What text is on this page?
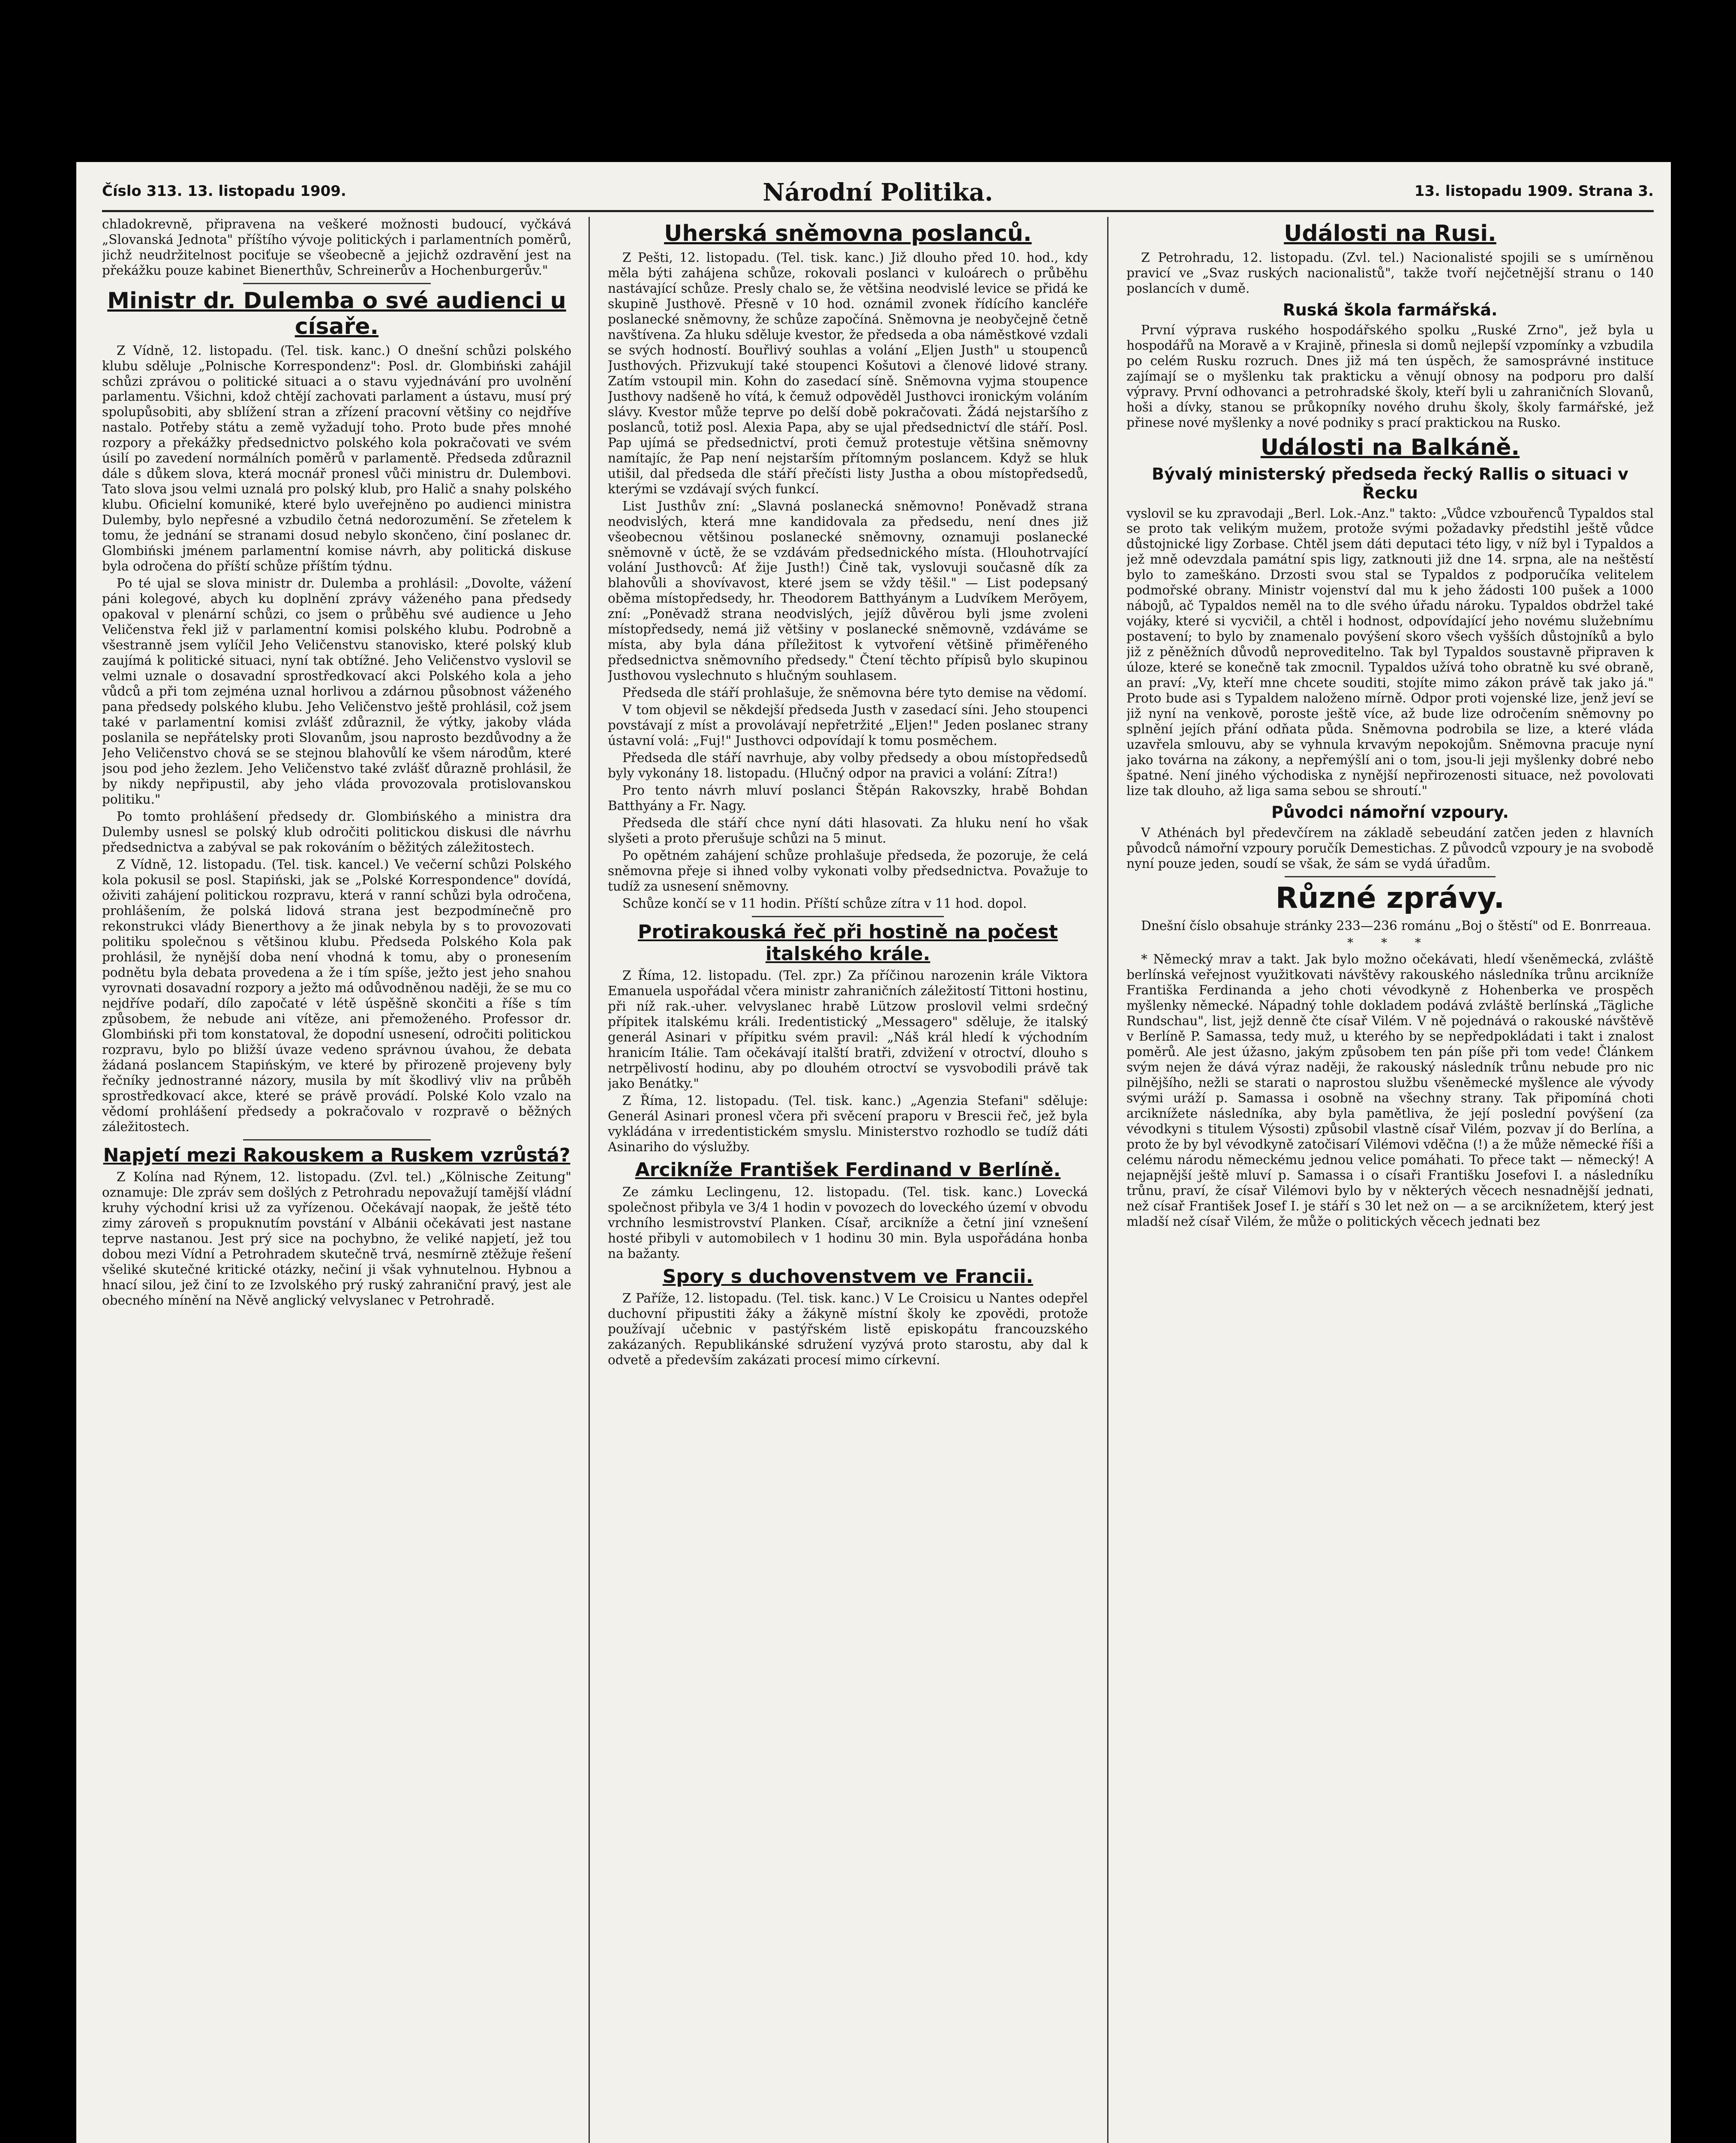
Číslo 313. 13. listopadu 1909.	Národní Politika.	13. listopadu 1909. Strana 3.

chladokrevně, připravena na veškeré možnosti budoucí, vyčkává „Slovanská Jednota" příštího vývoje politických i parlamentních poměrů, jichž neudržitelnost pociťuje se všeobecně a jejichž ozdravění jest na překážku pouze kabinet Bienerthův, Schreinerův a Hochenburgerův."

Ministr dr. Dulemba o své audienci u císaře.

Z Vídně, 12. listopadu. (Tel. tisk. kanc.) O dnešní schůzi polského klubu sděluje „Polnische Korrespondenz": Posl. dr. Glombiński zahájil schůzi zprávou o politické situaci a o stavu vyjednávání pro uvolnění parlamentu. Všichni, kdož chtějí zachovati parlament a ústavu, musí prý spolupůsobiti, aby sblížení stran a zřízení pracovní většiny co nejdříve nastalo. Potřeby státu a země vyžadují toho. Proto bude přes mnohé rozpory a překážky předsednictvo polského kola pokračovati ve svém úsilí po zavedení normálních poměrů v parlamentě. Předseda zdůraznil dále s důkem slova, která mocnář pronesl vůči ministru dr. Dulembovi. Tato slova jsou velmi uznalá pro polský klub, pro Halič a snahy polského klubu. Oficielní komuniké, které bylo uveřejněno po audienci ministra Dulemby, bylo nepřesné a vzbudilo četná nedorozumění. Se zřetelem k tomu, že jednání se stranami dosud nebylo skončeno, činí poslanec dr. Glombiński jménem parlamentní komise návrh, aby politická diskuse byla odročena do příští schůze příštím týdnu.

Po té ujal se slova ministr dr. Dulemba a prohlásil: „Dovolte, vážení páni kolegové, abych ku doplnění zprávy váženého pana předsedy opakoval v plenární schůzi, co jsem o průběhu své audience u Jeho Veličenstva řekl již v parlamentní komisi polského klubu. Podrobně a všestranně jsem vylíčil Jeho Veličenstvu stanovisko, které polský klub zaujímá k politické situaci, nyní tak obtížné. Jeho Veličenstvo vyslovil se velmi uznale o dosavadní sprostředkovací akci Polského kola a jeho vůdců a při tom zejména uznal horlivou a zdárnou působnost váženého pana předsedy polského klubu. Jeho Veličenstvo ještě prohlásil, což jsem také v parlamentní komisi zvlášť zdůraznil, že výtky, jakoby vláda poslanila se nepřátelsky proti Slovanům, jsou naprosto bezdůvodny a že Jeho Veličenstvo chová se se stejnou blahovůlí ke všem národům, které jsou pod jeho žezlem. Jeho Veličenstvo také zvlášť důrazně prohlásil, že by nikdy nepřipustil, aby jeho vláda provozovala protislovanskou politiku."

Po tomto prohlášení předsedy dr. Glombińského a ministra dra Dulemby usnesl se polský klub odročiti politickou diskusi dle návrhu předsednictva a zabýval se pak rokováním o běžitých záležitostech.

Z Vídně, 12. listopadu. (Tel. tisk. kancel.) Ve večerní schůzi Polského kola pokusil se posl. Stapiński, jak se „Polské Korrespondence" dovídá, oživiti zahájení politickou rozpravu, která v ranní schůzi byla odročena, prohlášením, že polská lidová strana jest bezpodmínečně pro rekonstrukci vlády Bienerthovy a že jinak nebyla by s to provozovati politiku společnou s většinou klubu. Předseda Polského Kola pak prohlásil, že nynější doba není vhodná k tomu, aby o pronesením podnětu byla debata provedena a že i tím spíše, ježto jest jeho snahou vyrovnati dosavadní rozpory a ježto má odůvodněnou naději, že se mu co nejdříve podaří, dílo započaté v létě úspěšně skončiti a říše s tím způsobem, že nebude ani vítěze, ani přemoženého. Professor dr. Glombiński při tom konstatoval, že dopodní usnesení, odročiti politickou rozpravu, bylo po bližší úvaze vedeno správnou úvahou, že debata žádaná poslancem Stapińským, ve které by přirozeně projeveny byly řečníky jednostranné názory, musila by mít škodlivý vliv na průběh sprostředkovací akce, které se právě provádí. Polské Kolo vzalo na vědomí prohlášení předsedy a pokračovalo v rozpravě o běžných záležitostech.

Napjetí mezi Rakouskem a Ruskem vzrůstá?

Z Kolína nad Rýnem, 12. listopadu. (Zvl. tel.) „Kölnische Zeitung" oznamuje: Dle zpráv sem došlých z Petrohradu nepovažují tamější vládní kruhy východní krisi už za vyřízenou. Očekávají naopak, že ještě této zimy zároveň s propuknutím povstání v Albánii očekávati jest nastane teprve nastanou. Jest prý sice na pochybno, že veliké napjetí, jež tou dobou mezi Vídní a Petrohradem skutečně trvá, nesmírně ztěžuje řešení všeliké skutečné kritické otázky, nečiní ji však vyhnutelnou. Hybnou a hnací silou, jež činí to ze Izvolského prý ruský zahraniční pravý, jest ale obecného mínění na Něvě anglický velvyslanec v Petrohradě.

Uherská sněmovna poslanců.

Z Pešti, 12. listopadu. (Tel. tisk. kanc.) Již dlouho před 10. hod., kdy měla býti zahájena schůze, rokovali poslanci v kuloárech o průběhu nastávající schůze. Presly chalo se, že většina neodvislé levice se přidá ke skupině Justhově. Přesně v 10 hod. oznámil zvonek řídícího kancléře poslanecké sněmovny, že schůze započíná. Sněmovna je neobyčejně četně navštívena. Za hluku sděluje kvestor, že předseda a oba náměstkové vzdali se svých hodností. Bouřlivý souhlas a volání „Eljen Justh" u stoupenců Justhových. Přizvukují také stoupenci Košutovi a členové lidové strany. Zatím vstoupil min. Kohn do zasedací síně. Sněmovna vyjma stoupence Justhovy nadšeně ho vítá, k čemuž odpověděl Justhovci ironickým voláním slávy. Kvestor může teprve po delší době pokračovati. Žádá nejstaršího z poslanců, totiž posl. Alexia Papa, aby se ujal předsednictví dle stáří. Posl. Pap ujímá se předsednictví, proti čemuž protestuje většina sněmovny namítajíc, že Pap není nejstarším přítomným poslancem. Když se hluk utišil, dal předseda dle stáří přečísti listy Justha a obou místopředsedů, kterými se vzdávají svých funkcí.

List Justhův zní: „Slavná poslanecká sněmovno! Poněvadž strana neodvislých, která mne kandidovala za předsedu, není dnes již všeobecnou většinou poslanecké sněmovny, oznamuji poslanecké sněmovně v úctě, že se vzdávám předsednického místa. (Hlouhotrvající volání Justhovců: Ať žije Justh!) Čině tak, vyslovuji současně dík za blahovůli a shovívavost, které jsem se vždy těšil." — List podepsaný oběma místopředsedy, hr. Theodorem Batthyánym a Ludvíkem Merõyem, zní: „Poněvadž strana neodvislých, jejíž důvěrou byli jsme zvoleni místopředsedy, nemá již většiny v poslanecké sněmovně, vzdáváme se místa, aby byla dána příležitost k vytvoření většině přiměřeného předsednictva sněmovního předsedy." Čtení těchto přípisů bylo skupinou Justhovou vyslechnuto s hlučným souhlasem.

Předseda dle stáří prohlašuje, že sněmovna bére tyto demise na vědomí.

V tom objevil se někdejší předseda Justh v zasedací síni. Jeho stoupenci povstávají z míst a provolávají nepřetržité „Eljen!" Jeden poslanec strany ústavní volá: „Fuj!" Justhovci odpovídají k tomu posměchem.

Předseda dle stáří navrhuje, aby volby předsedy a obou místopředsedů byly vykonány 18. listopadu. (Hlučný odpor na pravici a volání: Zítra!)

Pro tento návrh mluví poslanci Štěpán Rakovszky, hrabě Bohdan Batthyány a Fr. Nagy.

Předseda dle stáří chce nyní dáti hlasovati. Za hluku není ho však slyšeti a proto přerušuje schůzi na 5 minut.

Po opětném zahájení schůze prohlašuje předseda, že pozoruje, že celá sněmovna přeje si ihned volby vykonati volby předsednictva. Považuje to tudíž za usnesení sněmovny.

Schůze končí se v 11 hodin. Příští schůze zítra v 11 hod. dopol.

Protirakouská řeč při hostině na počest italského krále.

Z Říma, 12. listopadu. (Tel. zpr.) Za příčinou narozenin krále Viktora Emanuela uspořádal včera ministr zahraničních záležitostí Tittoni hostinu, při níž rak.-uher. velvyslanec hrabě Lützow proslovil velmi srdečný přípitek italskému králi. Iredentistický „Messagero" sděluje, že italský generál Asinari v přípitku svém pravil: „Náš král hledí k východním hranicím Itálie. Tam očekávají italští bratři, zdvižení v otroctví, dlouho s netrpělivostí hodinu, aby po dlouhém otroctví se vysvobodili právě tak jako Benátky."

Z Říma, 12. listopadu. (Tel. tisk. kanc.) „Agenzia Stefani" sděluje: Generál Asinari pronesl včera při svěcení praporu v Brescii řeč, jež byla vykládána v irredentistickém smyslu. Ministerstvo rozhodlo se tudíž dáti Asinarihо do výslužby.

Arcikníže František Ferdinand v Berlíně.

Ze zámku Leclingenu, 12. listopadu. (Tel. tisk. kanc.) Lovecká společnost přibyla ve 3/4 1 hodin v povozech do loveckého území v obvodu vrchního lesmistrovství Planken. Císař, arcikníže a četní jiní vznešení hosté přibyli v automobilech v 1 hodinu 30 min. Byla uspořádána honba na bažanty.

Spory s duchovenstvem ve Francii.

Z Paříže, 12. listopadu. (Tel. tisk. kanc.) V Le Croisicu u Nantes odepřel duchovní připustiti žáky a žákyně místní školy ke zpovědi, protože používají učebnic v pastýřském listě episkopátu francouzského zakázaných. Republikánské sdružení vyzývá proto starostu, aby dal k odvetě a především zakázati procesí mimo církevní.

Události na Rusi.

Z Petrohradu, 12. listopadu. (Zvl. tel.) Nacionalisté spojili se s umírněnou pravicí ve „Svaz ruských nacionalistů", takže tvoří nejčetnější stranu o 140 poslancích v dumě.

Ruská škola farmářská.

První výprava ruského hospodářského spolku „Ruské Zrno", jež byla u hospodářů na Moravě a v Krajině, přinesla si domů nejlepší vzpomínky a vzbudila po celém Rusku rozruch. Dnes již má ten úspěch, že samosprávné instituce zajímají se o myšlenku tak prakticku a věnují obnosy na podporu pro další výpravy. První odhovanci a petrohradské školy, kteří byli u zahraničních Slovanů, hoši a dívky, stanou se průkopníky nového druhu školy, školy farmářské, jež přinese nové myšlenky a nové podniky s prací praktickou na Rusko.

Události na Balkáně.
Bývalý ministerský předseda řecký Rallis o situaci v Řecku

vyslovil se ku zpravodaji „Berl. Lok.-Anz." takto: „Vůdce vzbouřenců Typaldos stal se proto tak velikým mužem, protože svými požadavky předstihl ještě vůdce důstojnické ligy Zorbase. Chtěl jsem dáti deputaci této ligy, v níž byl i Typaldos a jež mně odevzdala památní spis ligy, zatknouti již dne 14. srpna, ale na neštěstí bylo to zameškáno. Drzosti svou stal se Typaldos z podporučíka velitelem podmořské obrany. Ministr vojenství dal mu k jeho žádosti 100 pušek a 1000 nábojů, ač Typaldos neměl na to dle svého úřadu nároku. Typaldos obdržel také vojáky, které si vycvičil, a chtěl i hodnost, odpovídající jeho novému služebnímu postavení; to bylo by znamenalo povýšení skoro všech vyšších důstojníků a bylo již z pěněžních důvodů neproveditelno. Tak byl Typaldos soustavně připraven k úloze, které se konečně tak zmocnil. Typaldos užívá toho obratně ku své obraně, an praví: „Vy, kteří mne chcete souditi, stojíte mimo zákon právě tak jako já." Proto bude asi s Typaldem naloženo mírně. Odpor proti vojenské lize, jenž jeví se již nyní na venkově, poroste ještě více, až bude lize odročením sněmovny po splnění jejích přání odňata půda. Sněmovna podrobila se lize, a které vláda uzavřela smlouvu, aby se vyhnula krvavým nepokojům. Sněmovna pracuje nyní jako továrna na zákony, a nepřemýšlí ani o tom, jsou-li jeji myšlenky dobré nebo špatné. Není jiného východiska z nynější nepřirozenosti situace, než povolovati lize tak dlouho, až liga sama sebou se shroutí."

Původci námořní vzpoury.

V Athénách byl předevčírem na základě sebeudání zatčen jeden z hlavních původců námořní vzpoury poručík Demestichas. Z původců vzpoury je na svobodě nyní pouze jeden, soudí se však, že sám se vydá úřadům.

Různé zprávy.

Dnešní číslo obsahuje stránky 233—236 románu „Boj o štěstí" od E. Bonrreaua.

* * *

* Německý mrav a takt. Jak bylo možno očekávati, hledí všeněmecká, zvláště berlínská veřejnost využitkovati návštěvy rakouského následníka trůnu arcikníže Františka Ferdinanda a jeho choti vévodkyně z Hohenberka ve prospěch myšlenky německé. Nápadný tohle dokladem podává zvláště berlínská „Tägliche Rundschau", list, jejž denně čte císař Vilém. V ně pojednává o rakouské návštěvě v Berlíně P. Samassa, tedy muž, u kterého by se nepředpokládati i takt i znalost poměrů. Ale jest úžasno, jakým způsobem ten pán píše při tom vede! Článkem svým nejen že dává výraz naději, že rakouský následník trůnu nebude pro nic pilnějšího, nežli se starati o naprostou službu všeněmecké myšlence ale vývody svými uráží p. Samassa i osobně na všechny strany. Tak připomíná choti arciknížete následníka, aby byla pamětlivа, že její poslední povýšení (za vévodkyni s titulem Výsosti) způsobil vlastně císař Vilém, pozvav jí do Berlína, a proto že by byl vévodkyně zatočisarí Vilémovi vděčna (!) a že může německé říši a celému národu německému jednou velice pomáhati. To přece takt — německý! A nejapnější ještě mluví p. Samassa i o císaři Františku Josefovi I. a následníku trůnu, praví, že císař Vilémovi bylo by v některých věcech nesnadnější jednati, než císař František Josef I. je stáří s 30 let než on — a se arciknížetem, který jest mladší než císař Vilém, že může o politických věcech jednati bez
